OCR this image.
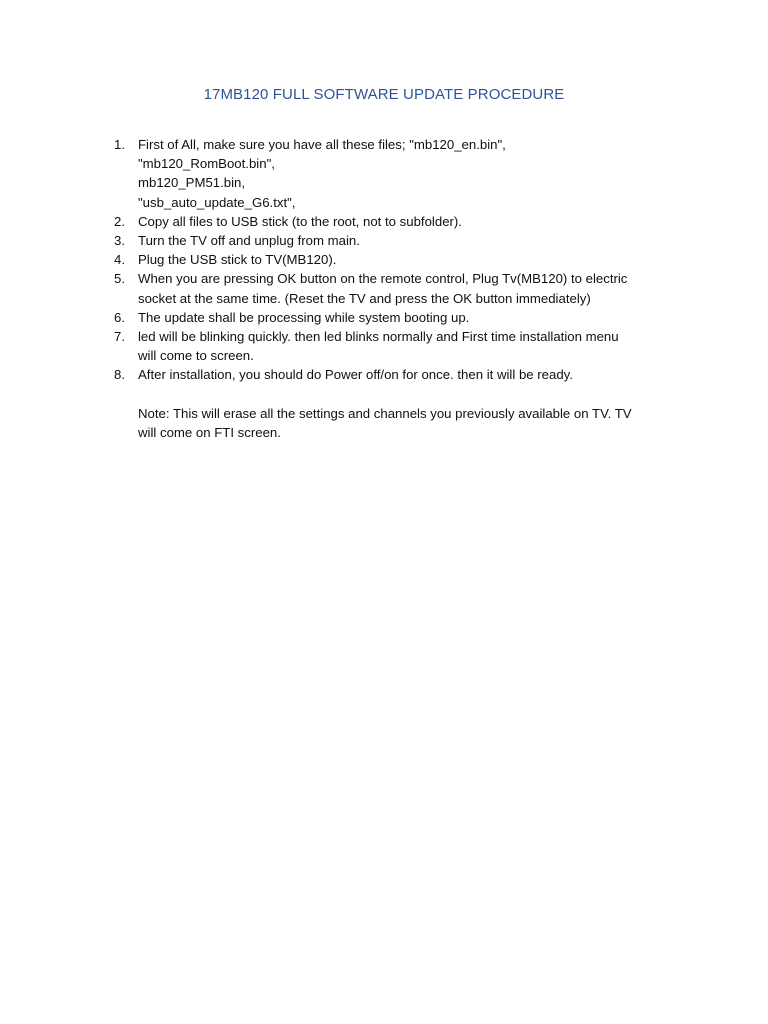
17MB120 FULL SOFTWARE UPDATE PROCEDURE
1. First of All, make sure you have all these files; "mb120_en.bin",
"mb120_RomBoot.bin",
mb120_PM51.bin,
"usb_auto_update_G6.txt",
2. Copy all files to USB stick (to the root, not to subfolder).
3. Turn the TV off and unplug from main.
4. Plug the USB stick to TV(MB120).
5. When you are pressing OK button on the remote control, Plug Tv(MB120) to electric
socket at the same time. (Reset the TV and press the OK button immediately)
6. The update shall be processing while system booting up.
7. led will be blinking quickly. then led blinks normally and First time installation menu
will come to screen.
8. After installation, you should do Power off/on for once. then it will be ready.
Note: This will erase all the settings and channels you previously available on TV. TV
will come on FTI screen.
